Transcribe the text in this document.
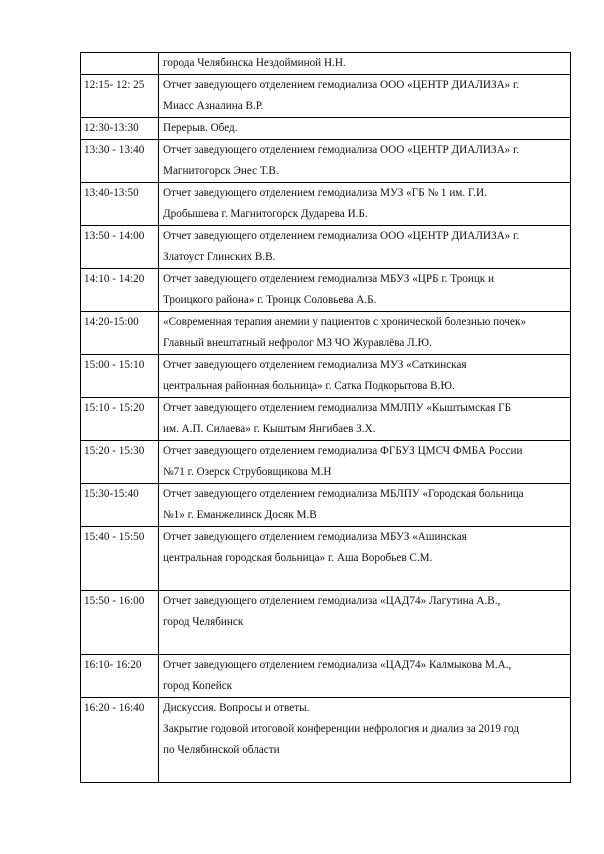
	города Челябинска Нездойминой Н.Н.

12:15- 12: 25	Отчет заведующего отделением гемодиализа ООО «ЦЕНТР ДИАЛИЗА» г.
Миасс Азналина В.Р.

12:30-13:30	Перерыв. Обед.

13:30 - 13:40	Отчет заведующего отделением гемодиализа ООО «ЦЕНТР ДИАЛИЗА» г.
Магнитогорск Энес Т.В.

13:40-13:50	Отчет заведующего отделением гемодиализа МУЗ «ГБ № 1 им. Г.И.
Дробышева г. Магнитогорск Дударева И.Б.

13:50 - 14:00	Отчет заведующего отделением гемодиализа ООО «ЦЕНТР ДИАЛИЗА» г.
Златоуст Глинских В.В.

14:10 - 14:20	Отчет заведующего отделением гемодиализа МБУЗ «ЦРБ г. Троицк и
Троицкого района» г. Троицк Соловьева А.Б.

14:20-15:00	«Современная терапия анемии у пациентов с хронической болезнью почек»
Главный внештатный нефролог МЗ ЧО Журавлёва Л.Ю.

15:00 - 15:10	Отчет заведующего отделением гемодиализа МУЗ «Саткинская
центральная районная больница» г. Сатка Подкорытова В.Ю.

15:10 - 15:20	Отчет заведующего отделением гемодиализа ММЛПУ «Кыштымская ГБ
им. А.П. Силаева» г. Кыштым Янгибаев З.Х.

15:20 - 15:30	Отчет заведующего отделением гемодиализа ФГБУЗ ЦМСЧ ФМБА России
№71 г. Озерск Струбовщикова М.Н

15:30-15:40	Отчет заведующего отделением гемодиализа МБЛПУ «Городская больница
№1» г. Еманжелинск Досяк М.В

15:40 - 15:50	Отчет заведующего отделением гемодиализа МБУЗ «Ашинская
центральная городская больница» г. Аша Воробьев С.М.

15:50 - 16:00	Отчет заведующего отделением гемодиализа «ЦАД74» Лагутина А.В.,
город Челябинск

16:10- 16:20	Отчет заведующего отделением гемодиализа «ЦАД74» Калмыкова М.А.,
город Копейск

16:20 - 16:40	Дискуссия. Вопросы и ответы.
Закрытие годовой итоговой конференции нефрология и диализ за 2019 год
по Челябинской области
